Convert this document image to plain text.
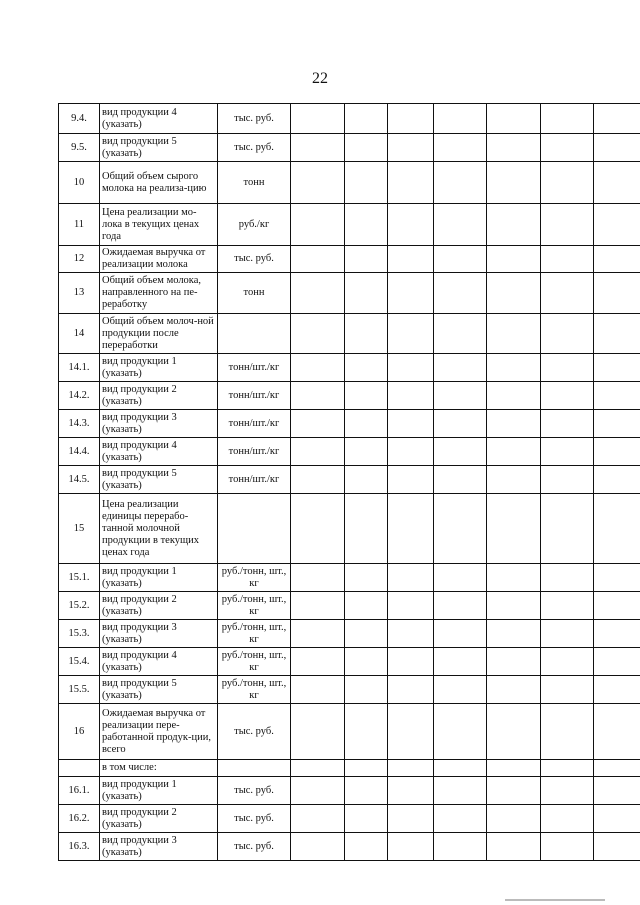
22
9.4.	вид продукции 4 (указать)	тыс. руб.							
9.5.	вид продукции 5 (указать)	тыс. руб.							
10	Общий объем сырого молока на реализа-цию	тонн							
11	Цена реализации мо-лока в текущих ценах года	руб./кг							
12	Ожидаемая выручка от реализации молока	тыс. руб.							
13	Общий объем молока, направленного на пе-реработку	тонн							
14	Общий объем молоч-ной продукции после переработки								
14.1.	вид продукции 1 (указать)	тонн/шт./кг							
14.2.	вид продукции 2 (указать)	тонн/шт./кг							
14.3.	вид продукции 3 (указать)	тонн/шт./кг							
14.4.	вид продукции 4 (указать)	тонн/шт./кг							
14.5.	вид продукции 5 (указать)	тонн/шт./кг							
15	Цена реализации единицы перерабо-танной молочной продукции в текущих ценах года								
15.1.	вид продукции 1 (указать)	руб./тонн, шт., кг							
15.2.	вид продукции 2 (указать)	руб./тонн, шт., кг							
15.3.	вид продукции 3 (указать)	руб./тонн, шт., кг							
15.4.	вид продукции 4 (указать)	руб./тонн, шт., кг							
15.5.	вид продукции 5 (указать)	руб./тонн, шт., кг							
16	Ожидаемая выручка от реализации пере-работанной продук-ции, всего	тыс. руб.							
	в том числе:								
16.1.	вид продукции 1 (указать)	тыс. руб.							
16.2.	вид продукции 2 (указать)	тыс. руб.							
16.3.	вид продукции 3 (указать)	тыс. руб.							
